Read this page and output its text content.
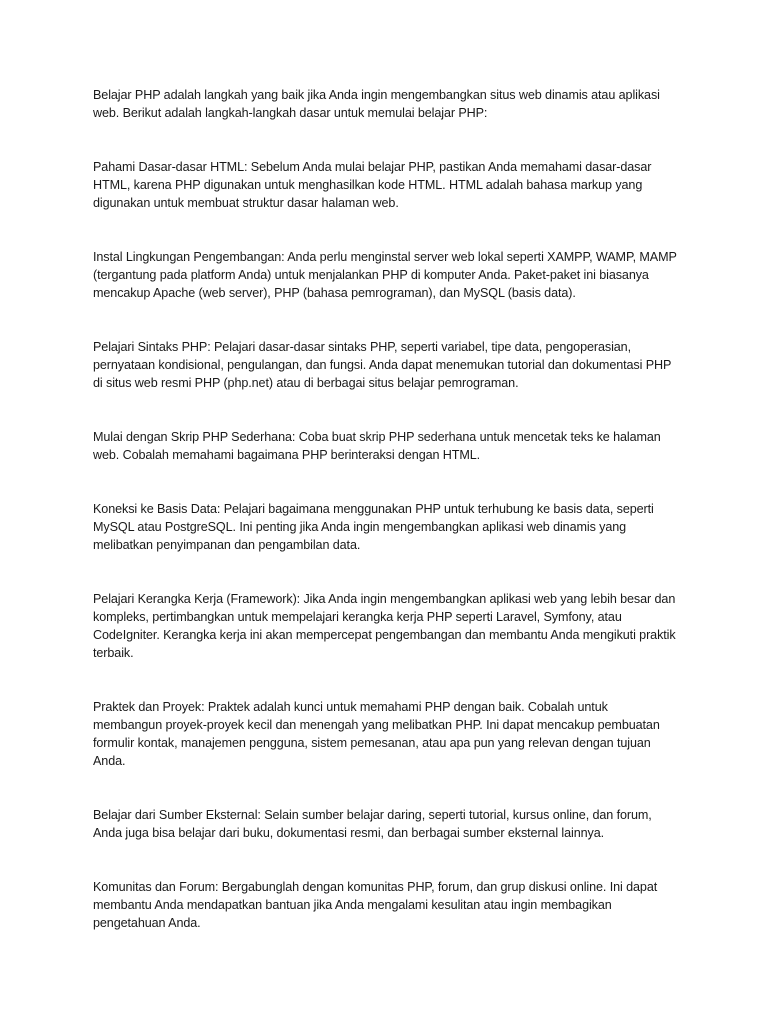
Belajar PHP adalah langkah yang baik jika Anda ingin mengembangkan situs web dinamis atau aplikasi web. Berikut adalah langkah-langkah dasar untuk memulai belajar PHP:

Pahami Dasar-dasar HTML: Sebelum Anda mulai belajar PHP, pastikan Anda memahami dasar-dasar HTML, karena PHP digunakan untuk menghasilkan kode HTML. HTML adalah bahasa markup yang digunakan untuk membuat struktur dasar halaman web.

Instal Lingkungan Pengembangan: Anda perlu menginstal server web lokal seperti XAMPP, WAMP, MAMP (tergantung pada platform Anda) untuk menjalankan PHP di komputer Anda. Paket-paket ini biasanya mencakup Apache (web server), PHP (bahasa pemrograman), dan MySQL (basis data).

Pelajari Sintaks PHP: Pelajari dasar-dasar sintaks PHP, seperti variabel, tipe data, pengoperasian, pernyataan kondisional, pengulangan, dan fungsi. Anda dapat menemukan tutorial dan dokumentasi PHP di situs web resmi PHP (php.net) atau di berbagai situs belajar pemrograman.

Mulai dengan Skrip PHP Sederhana: Coba buat skrip PHP sederhana untuk mencetak teks ke halaman web. Cobalah memahami bagaimana PHP berinteraksi dengan HTML.

Koneksi ke Basis Data: Pelajari bagaimana menggunakan PHP untuk terhubung ke basis data, seperti MySQL atau PostgreSQL. Ini penting jika Anda ingin mengembangkan aplikasi web dinamis yang melibatkan penyimpanan dan pengambilan data.

Pelajari Kerangka Kerja (Framework): Jika Anda ingin mengembangkan aplikasi web yang lebih besar dan kompleks, pertimbangkan untuk mempelajari kerangka kerja PHP seperti Laravel, Symfony, atau CodeIgniter. Kerangka kerja ini akan mempercepat pengembangan dan membantu Anda mengikuti praktik terbaik.

Praktek dan Proyek: Praktek adalah kunci untuk memahami PHP dengan baik. Cobalah untuk membangun proyek-proyek kecil dan menengah yang melibatkan PHP. Ini dapat mencakup pembuatan formulir kontak, manajemen pengguna, sistem pemesanan, atau apa pun yang relevan dengan tujuan Anda.

Belajar dari Sumber Eksternal: Selain sumber belajar daring, seperti tutorial, kursus online, dan forum, Anda juga bisa belajar dari buku, dokumentasi resmi, dan berbagai sumber eksternal lainnya.

Komunitas dan Forum: Bergabunglah dengan komunitas PHP, forum, dan grup diskusi online. Ini dapat membantu Anda mendapatkan bantuan jika Anda mengalami kesulitan atau ingin membagikan pengetahuan Anda.
